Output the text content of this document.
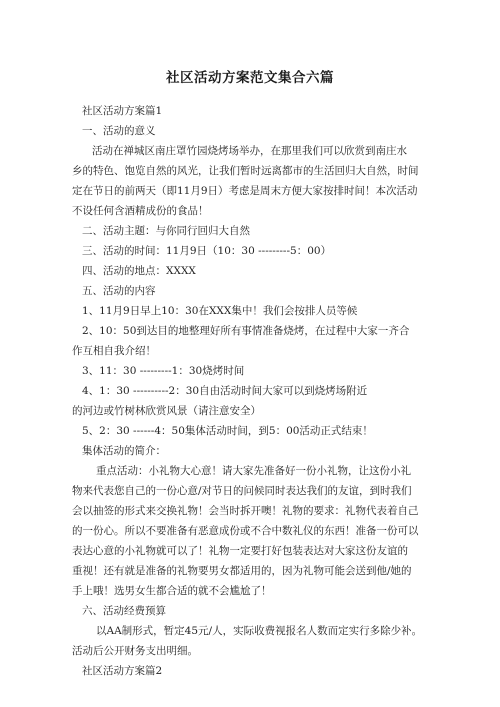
社区活动方案范文集合六篇

社区活动方案篇1

一、活动的意义

活动在禅城区南庄罩竹园烧烤场举办，在那里我们可以欣赏到南庄水

乡的特色、饱览自然的风光，让我们暂时远离都市的生活回归大自然，时间

定在节日的前两天（即11月9日）考虑是周末方便大家按排时间！本次活动

不设任何含酒精成份的食品！

二、活动主题：与你同行回归大自然

三、活动的时间：11月9日（10：30 ---------5：00）

四、活动的地点：XXXX

五、活动的内容

1、11月9日早上10：30在XXX集中！我们会按排人员等候

2、10：50到达目的地整理好所有事情准备烧烤，在过程中大家一齐合

作互相自我介绍！

3、11：30 ---------1：30烧烤时间

4、1：30 ----------2：30自由活动时间大家可以到烧烤场附近

的河边或竹树林欣赏风景（请注意安全）

5、2：30 ------4：50集体活动时间，到5：00活动正式结束！

集体活动的简介：

重点活动：小礼物大心意！请大家先准备好一份小礼物，让这份小礼

物来代表您自己的一份心意/对节日的问候同时表达我们的友谊，到时我们

会以抽签的形式来交换礼物！会当时拆开噢！礼物的要求：礼物代表着自己

的一份心。所以不要准备有恶意成份或不合中数礼仪的东西！准备一份可以

表达心意的小礼物就可以了！礼物一定要打好包装表达对大家这份友谊的

重视！还有就是准备的礼物要男女都适用的，因为礼物可能会送到他/她的

手上哦！选男女生都合适的就不会尴尬了！

六、活动经费预算

以AA制形式，暂定45元/人，实际收费视报名人数而定实行多除少补。

活动后公开财务支出明细。

社区活动方案篇2
